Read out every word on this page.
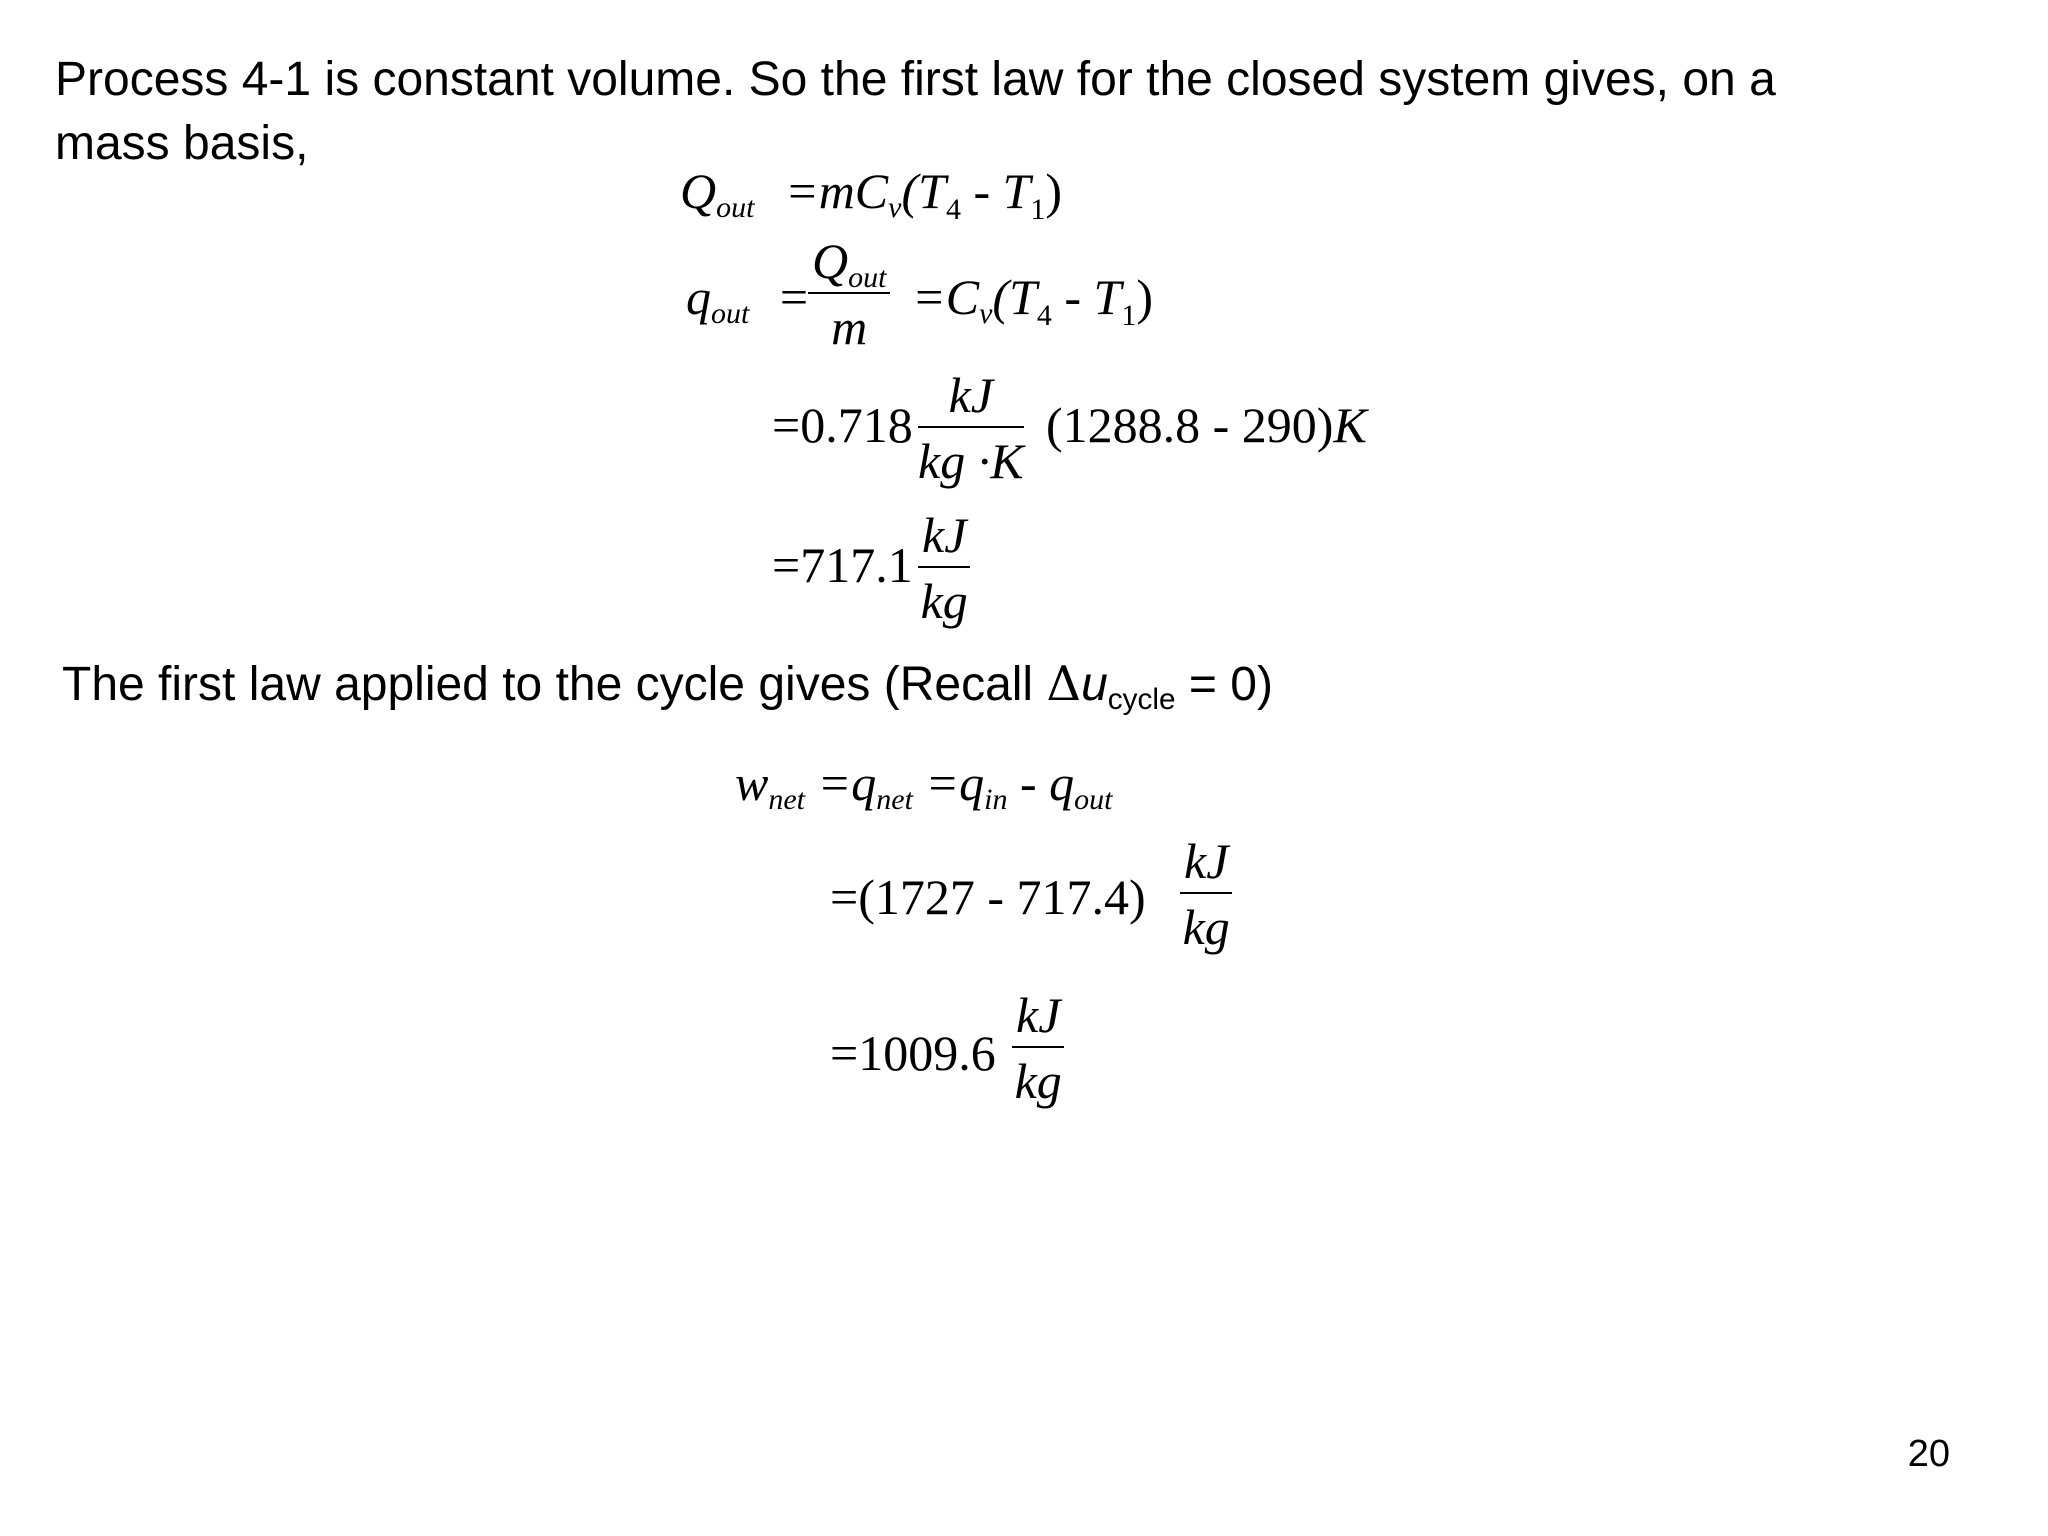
Process 4-1 is constant volume. So the first law for the closed system gives, on a
mass basis,
Qout $=mCv(T_4 - T_1)$
qout =
Qout
m
$=Cv(T_4 - T_1)$
$=0.718 \frac{kJ}{kg \cdot K} (1288.8 - 290)K$
$=717.1 \frac{kJ}{kg}$
The first law applied to the cycle gives (Recall Δucycle = 0)
wnet =qnet =qin - qout
$=(1727 - 717.4) \frac{kJ}{kg}$
$=1009.6 \frac{kJ}{kg}$
20
